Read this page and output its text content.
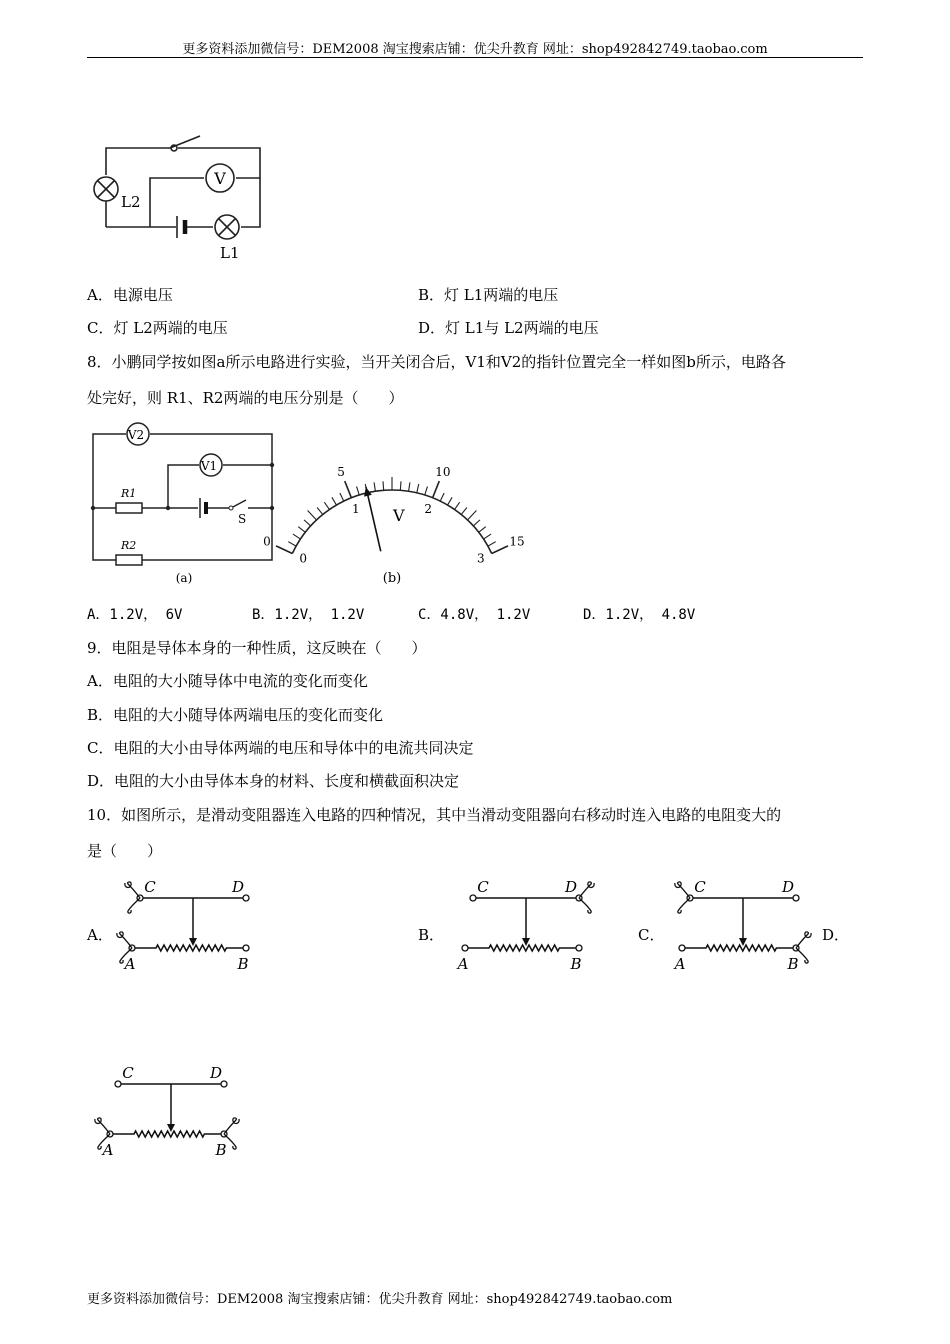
更多资料添加微信号：DEM2008 淘宝搜索店铺：优尖升教育 网址：shop492842749.taobao.com
V
L2
L1
A．电源电压	B．灯 L1两端的电压
C．灯 L2两端的电压	D．灯 L1与 L2两端的电压
8．小鹏同学按如图a所示电路进行实验，当开关闭合后，V1和V2的指针位置完全一样如图b所示，电路各
处完好，则 R1、R2两端的电压分别是（　　）
V2
V1
R1
R2
S
(a)
0
5	10
15
0
1	2
3
(b)
V
A．1.2V， 6V	B．1.2V， 1.2V	C．4.8V， 1.2V	D．1.2V， 4.8V
9．电阻是导体本身的一种性质，这反映在（　　）
A．电阻的大小随导体中电流的变化而变化
B．电阻的大小随导体两端电压的变化而变化
C．电阻的大小由导体两端的电压和导体中的电流共同决定
D．电阻的大小由导体本身的材料、长度和横截面积决定
10．如图所示，是滑动变阻器连入电路的四种情况，其中当滑动变阻器向右移动时连入电路的电阻变大的
是（　　）
A．	B．	C．	D．
C	D
A	B
C	D
A	B
C	D
A	B
C	D
A	B
更多资料添加微信号：DEM2008 淘宝搜索店铺：优尖升教育 网址：shop492842749.taobao.com
